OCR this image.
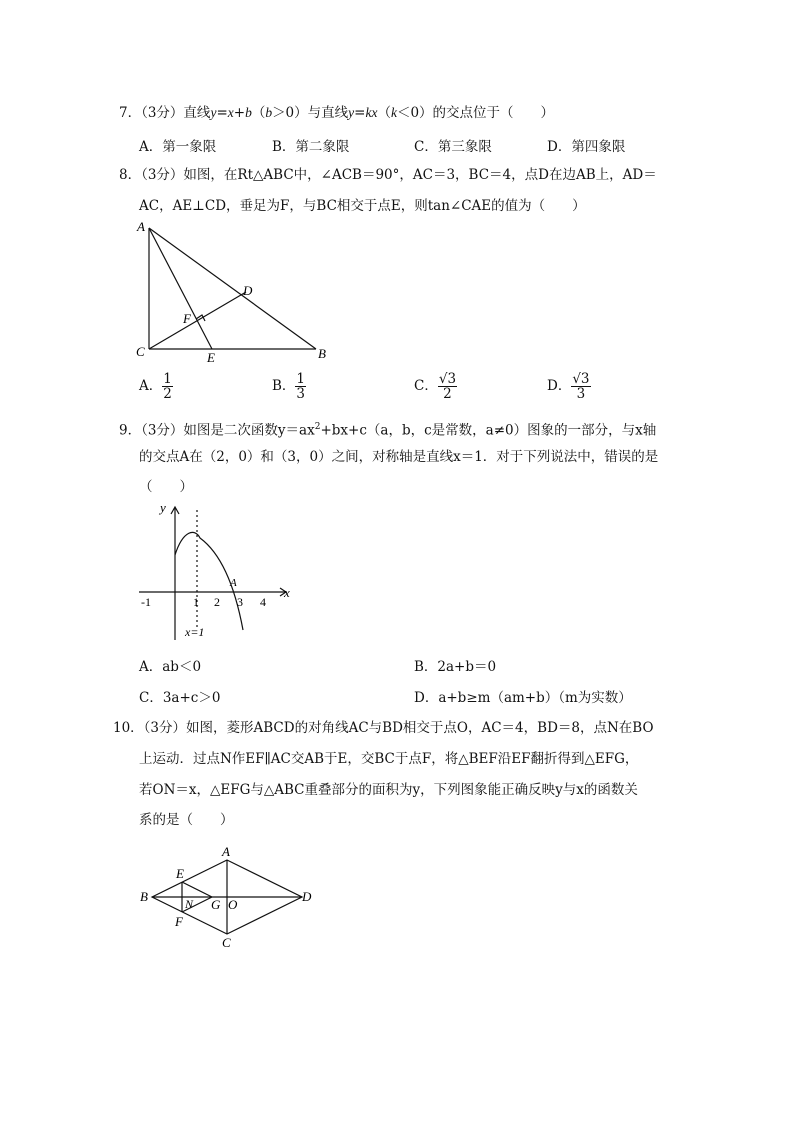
7．（3分）直线y=x+b（b＞0）与直线y=kx（k＜0）的交点位于（　　）
A．第一象限	B．第二象限	C．第三象限	D．第四象限
8．（3分）如图，在Rt△ABC中，∠ACB＝90°，AC＝3，BC＝4，点D在边AB上，AD＝
AC，AE⊥CD，垂足为F，与BC相交于点E，则tan∠CAE的值为（　　）
A
B
C
D
E
F
A． $\frac{1}{2}$	B． $\frac{1}{3}$	C． $\frac{√3}{2}$	D． $\frac{√3}{3}$
9．（3分）如图是二次函数$y=ax^2+bx+c(a$，b，c是常数，a≠0）图象的一部分，与x轴
的交点A在（2，0）和（3，0）之间，对称轴是直线x＝1．对于下列说法中，错误的是
（　　）
y
x
A
-1	1 2 3 4
x=1
A．ab＜0	B．2a+b＝0
C．3a+c＞0	D．a+b≥m（am+b）（m为实数）
10．（3分）如图，菱形ABCD的对角线AC与BD相交于点O，AC＝4，BD＝8，点N在BO
上运动．过点N作EF∥AC交AB于E，交BC于点F，将△BEF沿EF翻折得到△EFG，
若ON＝x，△EFG与△ABC重叠部分的面积为y，下列图象能正确反映y与x的函数关
系的是（　　）
A
B
C
D
E
F
G
N	O
